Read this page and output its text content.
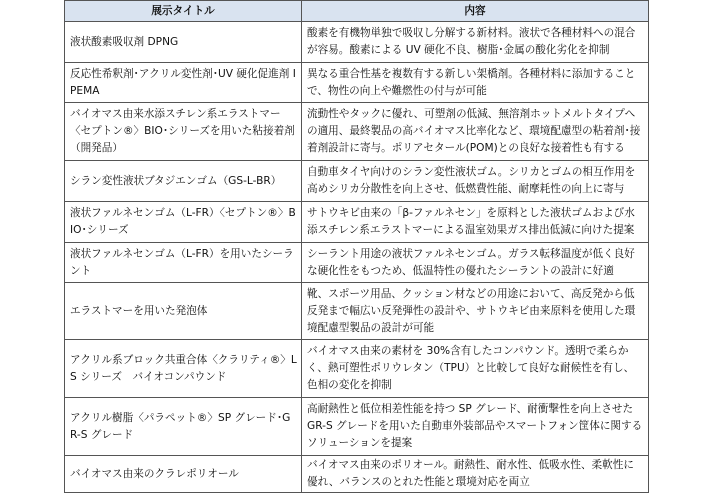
展示タイトル	内容
液状酸素吸収剤 DPNG	酸素を有機物単独で吸収し分解する新材料。液状で各種材料への混合が容易。酸素による UV 硬化不良、樹脂･金属の酸化劣化を抑制
反応性希釈剤･アクリル変性剤･UV 硬化促進剤 IPEMA	異なる重合性基を複数有する新しい架橋剤。各種材料に添加することで、物性の向上や難燃性の付与が可能
バイオマス由来水添スチレン系エラストマー〈セプトン®〉BIO･シリーズを用いた粘接着剤（開発品）	流動性やタックに優れ、可塑剤の低減、無溶剤ホットメルトタイプへの適用、最終製品の高バイオマス比率化など、環境配慮型の粘着剤･接着剤設計に寄与。ポリアセタール(POM)との良好な接着性も有する
シラン変性液状ブタジエンゴム（GS-L-BR）	自動車タイヤ向けのシラン変性液状ゴム。シリカとゴムの相互作用を高めシリカ分散性を向上させ、低燃費性能、耐摩耗性の向上に寄与
液状ファルネセンゴム（L-FR）〈セプトン®〉BIO･シリーズ	サトウキビ由来の「β-ファルネセン」を原料とした液状ゴムおよび水添スチレン系エラストマーによる温室効果ガス排出低減に向けた提案
液状ファルネセンゴム（L-FR）を用いたシーラント	シーラント用途の液状ファルネセンゴム。ガラス転移温度が低く良好な硬化性をもつため、低温特性の優れたシーラントの設計に好適
エラストマーを用いた発泡体	靴、スポーツ用品、クッション材などの用途において、高反発から低反発まで幅広い反発弾性の設計や、サトウキビ由来原料を使用した環境配慮型製品の設計が可能
アクリル系ブロック共重合体〈クラリティ®〉LS シリーズ　バイオコンパウンド	バイオマス由来の素材を 30%含有したコンパウンド。透明で柔らかく、熱可塑性ポリウレタン（TPU）と比較して良好な耐候性を有し、色相の変化を抑制
アクリル樹脂〈パラペット®〉SP グレード･GR-S グレード	高耐熱性と低位相差性能を持つ SP グレード、耐衝撃性を向上させた GR-S グレードを用いた自動車外装部品やスマートフォン筐体に関するソリューションを提案
バイオマス由来のクラレポリオール	バイオマス由来のポリオール。耐熱性、耐水性、低吸水性、柔軟性に優れ、バランスのとれた性能と環境対応を両立
